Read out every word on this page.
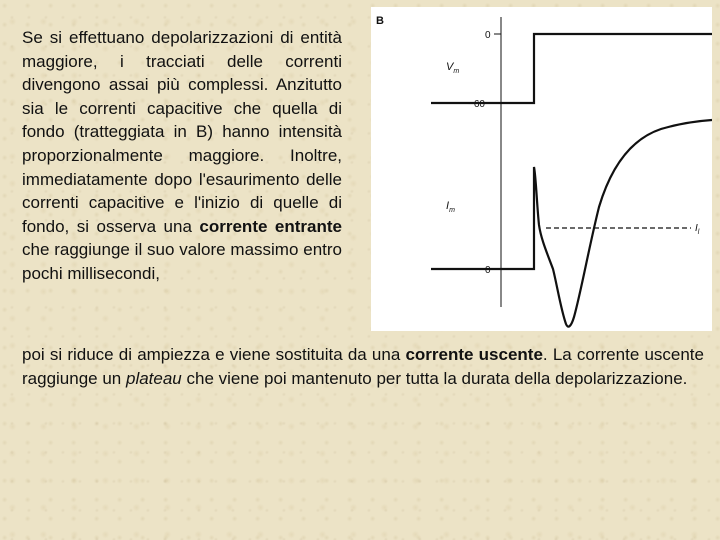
Se si effettuano depolarizzazioni di entità maggiore, i tracciati delle correnti divengono assai più complessi. Anzitutto sia le correnti capacitive che quella di fondo (tratteggiata in B) hanno intensità proporzionalmente maggiore. Inoltre, immediatamente dopo l'esaurimento delle correnti capacitive e l'inizio di quelle di fondo, si osserva una corrente entrante che raggiunge il suo valore massimo entro pochi millisecondi,

B
$V_m$
0
−60
$I_m$
0
$I_l$

poi si riduce di ampiezza e viene sostituita da una corrente uscente. La corrente uscente raggiunge un plateau che viene poi mantenuto per tutta la durata della depolarizzazione.
